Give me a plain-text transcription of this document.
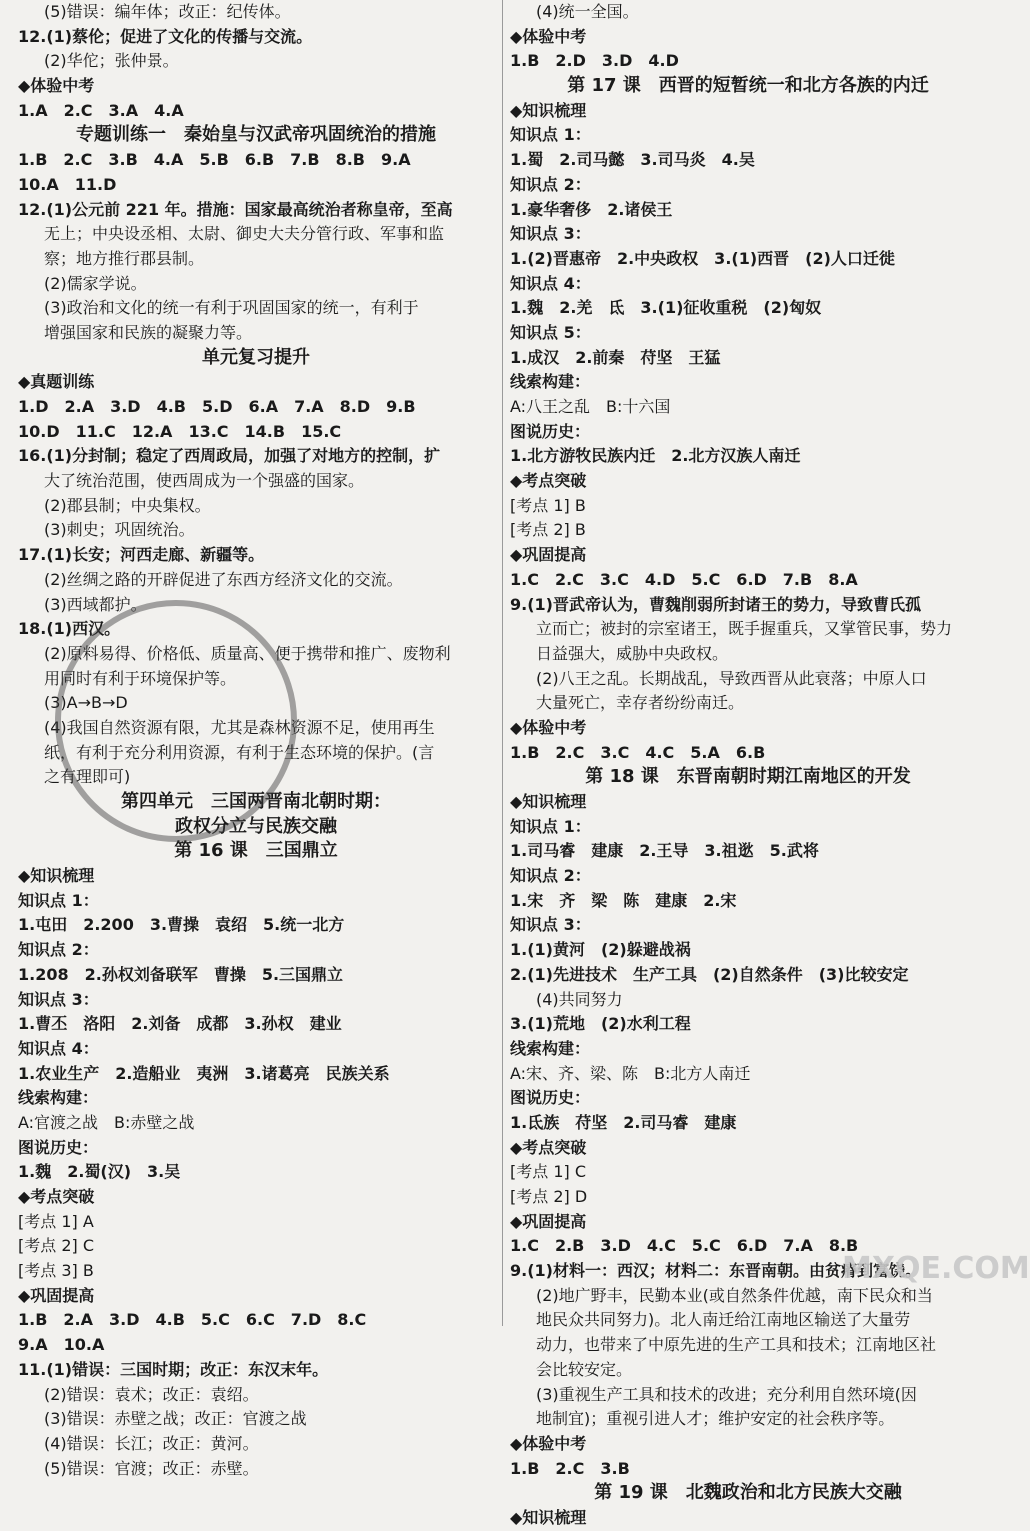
(5)错误：编年体；改正：纪传体。
12.(1)蔡伦；促进了文化的传播与交流。
(2)华佗；张仲景。
◆体验中考
1.A　2.C　3.A　4.A
专题训练一　秦始皇与汉武帝巩固统治的措施
1.B　2.C　3.B　4.A　5.B　6.B　7.B　8.B　9.A
10.A　11.D
12.(1)公元前 221 年。措施：国家最高统治者称皇帝，至高
无上；中央设丞相、太尉、御史大夫分管行政、军事和监
察；地方推行郡县制。
(2)儒家学说。
(3)政治和文化的统一有利于巩固国家的统一，有利于
增强国家和民族的凝聚力等。
单元复习提升
◆真题训练
1.D　2.A　3.D　4.B　5.D　6.A　7.A　8.D　9.B
10.D　11.C　12.A　13.C　14.B　15.C
16.(1)分封制；稳定了西周政局，加强了对地方的控制，扩
大了统治范围，使西周成为一个强盛的国家。
(2)郡县制；中央集权。
(3)刺史；巩固统治。
17.(1)长安；河西走廊、新疆等。
(2)丝绸之路的开辟促进了东西方经济文化的交流。
(3)西域都护。
18.(1)西汉。
(2)原料易得、价格低、质量高、便于携带和推广、废物利
用同时有利于环境保护等。
(3)A→B→D
(4)我国自然资源有限，尤其是森林资源不足，使用再生
纸，有利于充分利用资源，有利于生态环境的保护。(言
之有理即可)
第四单元　三国两晋南北朝时期：
政权分立与民族交融
第 16 课　三国鼎立
◆知识梳理
知识点 1：
1.屯田　2.200　3.曹操　袁绍　5.统一北方
知识点 2：
1.208　2.孙权刘备联军　曹操　5.三国鼎立
知识点 3：
1.曹丕　洛阳　2.刘备　成都　3.孙权　建业
知识点 4：
1.农业生产　2.造船业　夷洲　3.诸葛亮　民族关系
线索构建：
A:官渡之战　B:赤壁之战
图说历史：
1.魏　2.蜀(汉)　3.吴
◆考点突破
[考点 1] A
[考点 2] C
[考点 3] B
◆巩固提高
1.B　2.A　3.D　4.B　5.C　6.C　7.D　8.C
9.A　10.A
11.(1)错误：三国时期；改正：东汉末年。
(2)错误：袁术；改正：袁绍。
(3)错误：赤壁之战；改正：官渡之战
(4)错误：长江；改正：黄河。
(5)错误：官渡；改正：赤壁。
(4)统一全国。
◆体验中考
1.B　2.D　3.D　4.D
第 17 课　西晋的短暂统一和北方各族的内迁
◆知识梳理
知识点 1：
1.蜀　2.司马懿　3.司马炎　4.吴
知识点 2：
1.豪华奢侈　2.诸侯王
知识点 3：
1.(2)晋惠帝　2.中央政权　3.(1)西晋　(2)人口迁徙
知识点 4：
1.魏　2.羌　氐　3.(1)征收重税　(2)匈奴
知识点 5：
1.成汉　2.前秦　苻坚　王猛
线索构建：
A:八王之乱　B:十六国
图说历史：
1.北方游牧民族内迁　2.北方汉族人南迁
◆考点突破
[考点 1] B
[考点 2] B
◆巩固提高
1.C　2.C　3.C　4.D　5.C　6.D　7.B　8.A
9.(1)晋武帝认为，曹魏削弱所封诸王的势力，导致曹氏孤
立而亡；被封的宗室诸王，既手握重兵，又掌管民事，势力
日益强大，威胁中央政权。
(2)八王之乱。长期战乱，导致西晋从此衰落；中原人口
大量死亡，幸存者纷纷南迁。
◆体验中考
1.B　2.C　3.C　4.C　5.A　6.B
第 18 课　东晋南朝时期江南地区的开发
◆知识梳理
知识点 1：
1.司马睿　建康　2.王导　3.祖逖　5.武将
知识点 2：
1.宋　齐　梁　陈　建康　2.宋
知识点 3：
1.(1)黄河　(2)躲避战祸
2.(1)先进技术　生产工具　(2)自然条件　(3)比较安定
(4)共同努力
3.(1)荒地　(2)水利工程
线索构建：
A:宋、齐、梁、陈　B:北方人南迁
图说历史：
1.氐族　苻坚　2.司马睿　建康
◆考点突破
[考点 1] C
[考点 2] D
◆巩固提高
1.C　2.B　3.D　4.C　5.C　6.D　7.A　8.B
9.(1)材料一：西汉；材料二：东晋南朝。由贫瘠到富饶。
(2)地广野丰，民勤本业(或自然条件优越，南下民众和当
地民众共同努力)。北人南迁给江南地区输送了大量劳
动力，也带来了中原先进的生产工具和技术；江南地区社
会比较安定。
(3)重视生产工具和技术的改进；充分利用自然环境(因
地制宜)；重视引进人才；维护安定的社会秩序等。
◆体验中考
1.B　2.C　3.B
第 19 课　北魏政治和北方民族大交融
◆知识梳理
MXQE.COM
